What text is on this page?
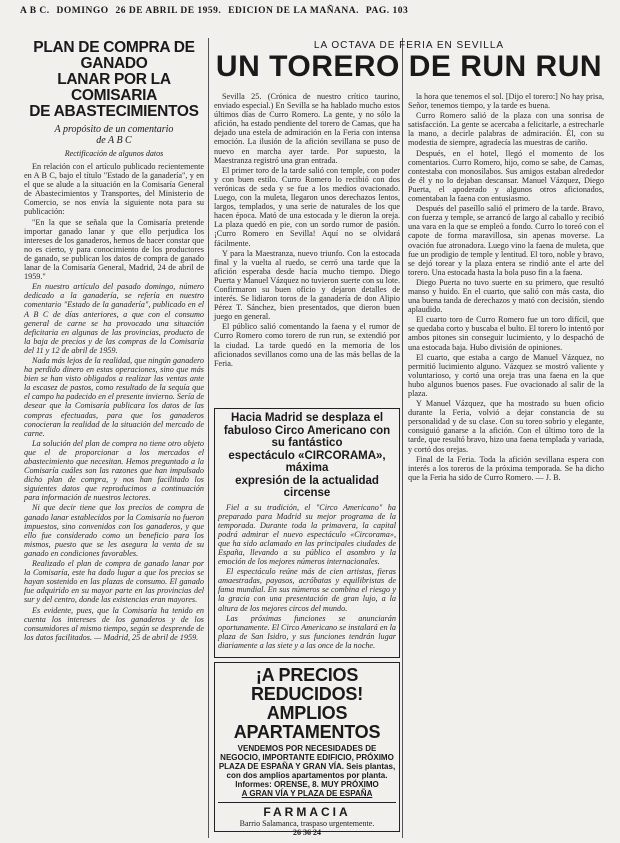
A B C. DOMINGO 26 DE ABRIL DE 1959. EDICION DE LA MAÑANA. PAG. 103
PLAN DE COMPRA DE GANADO
LANAR POR LA COMISARIA
DE ABASTECIMIENTOS
A propósito de un comentario
de A B C
Rectificación de algunos datos

En relación con el artículo publicado recientemente en A B C, bajo el título "Estado de la ganadería", y en el que se alude a la situación en la Comisaría General de Abastecimientos y Transportes, del Ministerio de Comercio, se nos envía la siguiente nota para su publicación:

"En la que se señala que la Comisaría pretende importar ganado lanar y que ello perjudica los intereses de los ganaderos, hemos de hacer constar que no es cierto, y para conocimiento de los productores de ganado, se publican los datos de compra de ganado lanar de la Comisaría General, Madrid, 24 de abril de 1959."

En nuestro artículo del pasado domingo, número dedicado a la ganadería, se refería en nuestro comentario "Estado de la ganadería", publicado en el A B C de días anteriores, a que con el consumo general de carne se ha provocado una situación deficitaria en algunas de las provincias, producto de la baja de precios y de las compras de la Comisaría del 11 y 12 de abril de 1959.

Nada más lejos de la realidad, que ningún ganadero ha perdido dinero en estas operaciones, sino que más bien se han visto obligados a realizar las ventas ante la escasez de pastos, como resultado de la sequía que el campo ha padecido en el presente invierno. Sería de desear que la Comisaría publicara los datos de las compras efectuadas, para que los ganaderos conocieran la realidad de la situación del mercado de carne.

La solución del plan de compra no tiene otro objeto que el de proporcionar a los mercados el abastecimiento que necesitan. Hemos preguntado a la Comisaría cuáles son las razones que han impulsado dicho plan de compra, y nos han facilitado los siguientes datos que reproducimos a continuación para información de nuestros lectores.

Ni que decir tiene que los precios de compra de ganado lanar establecidos por la Comisaría no fueron impuestos, sino convenidos con los ganaderos, y que ello fue considerado como un beneficio para los mismos, puesto que se les asegura la venta de su ganado en condiciones favorables.

Realizado el plan de compra de ganado lanar por la Comisaría, este ha dado lugar a que los precios se hayan sostenido en las plazas de consumo. El ganado fue adquirido en su mayor parte en las provincias del sur y del centro, donde las existencias eran mayores.

Es evidente, pues, que la Comisaría ha tenido en cuenta los intereses de los ganaderos y de los consumidores al mismo tiempo, según se desprende de los datos facilitados. — Madrid, 25 de abril de 1959.

LA OCTAVA DE FERIA EN SEVILLA
UN TORERO DE RUN RUN

Sevilla 25. (Crónica de nuestro crítico taurino, enviado especial.) En Sevilla se ha hablado mucho estos últimos días de Curro Romero. La gente, y no sólo la afición, ha estado pendiente del torero de Camas, que ha dejado una estela de admiración en la Feria con intensa emoción. La ilusión de la afición sevillana se puso de nuevo en marcha ayer tarde. Por supuesto, la Maestranza registró una gran entrada.

El primer toro de la tarde salió con temple, con poder y con buen estilo. Curro Romero lo recibió con dos verónicas de seda y se fue a los medios ovacionado. Luego, con la muleta, llegaron unos derechazos lentos, largos, templados, y una serie de naturales de los que hacen época. Mató de una estocada y le dieron la oreja. La plaza quedó en pie, con un sordo rumor de pasión. ¡Curro Romero en Sevilla! Aquí no se olvidará fácilmente.

Y para la Maestranza, nuevo triunfo. Con la estocada final y la vuelta al ruedo, se cerró una tarde que la afición esperaba desde hacía mucho tiempo. Diego Puerta y Manuel Vázquez no tuvieron suerte con su lote. Confirmaron su buen oficio y dejaron detalles de interés. Se lidiaron toros de la ganadería de don Alipio Pérez T. Sánchez, bien presentados, que dieron buen juego en general.

El público salió comentando la faena y el rumor de Curro Romero como torero de run run, se extendió por la ciudad. La tarde quedó en la memoria de los aficionados sevillanos como una de las más bellas de la Feria.

Hacia Madrid se desplaza el fabuloso Circo Americano con su fantástico
espectáculo «CIRCORAMA», máxima
expresión de la actualidad circense

Fiel a su tradición, el "Circo Americano" ha preparado para Madrid su mejor programa de la temporada. Durante toda la primavera, la capital podrá admirar el nuevo espectáculo «Circorama», que ha sido aclamado en las principales ciudades de España, llevando a su público el asombro y la emoción de los mejores números internacionales.

El espectáculo reúne más de cien artistas, fieras amaestradas, payasos, acróbatas y equilibristas de fama mundial. En sus números se combina el riesgo y la gracia con una presentación de gran lujo, a la altura de los mejores circos del mundo.

Las próximas funciones se anunciarán oportunamente. El Circo Americano se instalará en la plaza de San Isidro, y sus funciones tendrán lugar diariamente a las siete y a las once de la noche.

¡A PRECIOS REDUCIDOS!
AMPLIOS APARTAMENTOS
VENDEMOS POR NECESIDADES DE NEGOCIO, IMPORTANTE EDIFICIO, PRÓXIMO PLAZA DE ESPAÑA Y GRAN VÍA. Seis plantas, con dos amplios apartamentos por planta. Informes: ORENSE, 8. MUY PRÓXIMO
A GRAN VÍA Y PLAZA DE ESPAÑA
FARMACIA
Barrio Salamanca, traspaso urgentemente.
26 36 24

la hora que tenemos el sol. [Dijo el torero:] No hay prisa, Señor, tenemos tiempo, y la tarde es buena.

Curro Romero salió de la plaza con una sonrisa de satisfacción. La gente se acercaba a felicitarle, a estrecharle la mano, a decirle palabras de admiración. Él, con su modestia de siempre, agradecía las muestras de cariño.

Después, en el hotel, llegó el momento de los comentarios. Curro Romero, hijo, como se sabe, de Camas, contestaba con monosílabos. Sus amigos estaban alrededor de él y no lo dejaban descansar. Manuel Vázquez, Diego Puerta, el apoderado y algunos otros aficionados, comentaban la faena con entusiasmo.

Después del paseíllo salió el primero de la tarde. Bravo, con fuerza y temple, se arrancó de largo al caballo y recibió una vara en la que se empleó a fondo. Curro lo toreó con el capote de forma maravillosa, sin apenas moverse. La ovación fue atronadora. Luego vino la faena de muleta, que fue un prodigio de temple y lentitud. El toro, noble y bravo, se dejó torear y la plaza entera se rindió ante el arte del torero. Una estocada hasta la bola puso fin a la faena.

Diego Puerta no tuvo suerte en su primero, que resultó manso y huido. En el cuarto, que salió con más casta, dio una buena tanda de derechazos y mató con decisión, siendo aplaudido.

El cuarto toro de Curro Romero fue un toro difícil, que se quedaba corto y buscaba el bulto. El torero lo intentó por ambos pitones sin conseguir lucimiento, y lo despachó de una estocada baja. Hubo división de opiniones.

El cuarto, que estaba a cargo de Manuel Vázquez, no permitió lucimiento alguno. Vázquez se mostró valiente y voluntarioso, y cortó una oreja tras una faena en la que hubo algunos buenos pases. Fue ovacionado al salir de la plaza.

Y Manuel Vázquez, que ha mostrado su buen oficio durante la Feria, volvió a dejar constancia de su personalidad y de su clase. Con su toreo sobrio y elegante, consiguió ganarse a la afición. Con el último toro de la tarde, que resultó bravo, hizo una faena templada y variada, y cortó dos orejas.

Final de la Feria. Toda la afición sevillana espera con interés a los toreros de la próxima temporada. Se ha dicho que la Feria ha sido de Curro Romero. — J. B.
